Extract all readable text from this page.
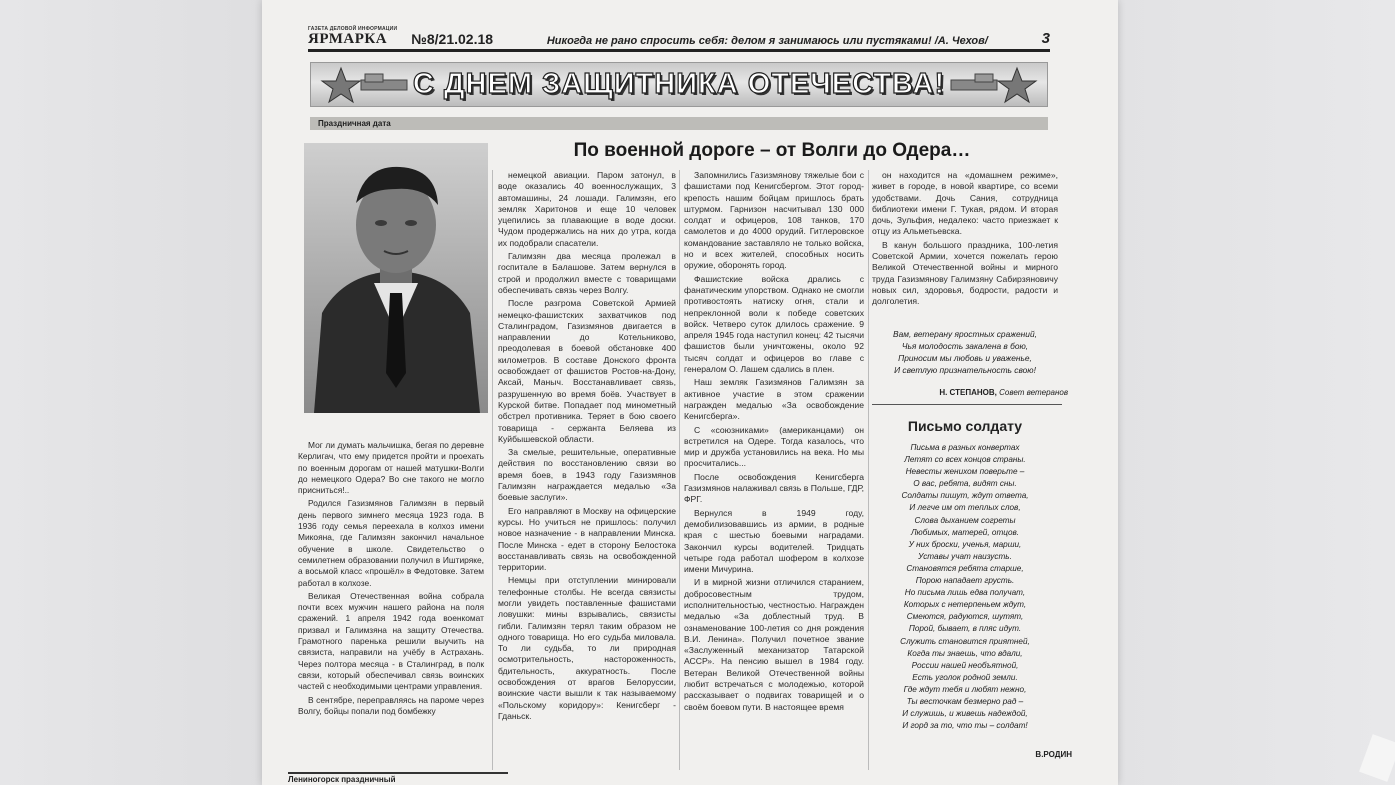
ГАЗЕТА ДЕЛОВОЙ ИНФОРМАЦИИ
ЯРМАРКА	№8/21.02.18	Никогда не рано спросить себя: делом я занимаюсь или пустяками! /А. Чехов/	3
С ДНЕМ ЗАЩИТНИКА ОТЕЧЕСТВА!
Праздничная дата
По военной дороге – от Волги до Одера…

Мог ли думать мальчишка, бегая по деревне Керлигач, что ему придется пройти и проехать по военным дорогам от нашей матушки-Волги до немецкого Одера? Во сне такого не могло присниться!..

Родился Газизмянов Галимзян в первый день первого зимнего месяца 1923 года. В 1936 году семья переехала в колхоз имени Микояна, где Галимзян закончил начальное обучение в школе. Свидетельство о семилетнем образовании получил в Иштиряке, а восьмой класс «прошёл» в Федотовке. Затем работал в колхозе.

Великая Отечественная война собрала почти всех мужчин нашего района на поля сражений. 1 апреля 1942 года военкомат призвал и Галимзяна на защиту Отечества. Грамотного паренька решили выучить на связиста, направили на учёбу в Астрахань. Через полтора месяца - в Сталинград, в полк связи, который обеспечивал связь воинских частей с необходимыми центрами управления.

В сентябре, переправляясь на пароме через Волгу, бойцы попали под бомбежку

немецкой авиации. Паром затонул, в воде оказались 40 военнослужащих, 3 автомашины, 24 лошади. Галимзян, его земляк Харитонов и еще 10 человек уцепились за плавающие в воде доски. Чудом продержались на них до утра, когда их подобрали спасатели.

Галимзян два месяца пролежал в госпитале в Балашове. Затем вернулся в строй и продолжил вместе с товарищами обеспечивать связь через Волгу.

После разгрома Советской Армией немецко-фашистских захватчиков под Сталинградом, Газизмянов двигается в направлении до Котельниково, преодолевая в боевой обстановке 400 километров. В составе Донского фронта освобождает от фашистов Ростов-на-Дону, Аксай, Маныч. Восстанавливает связь, разрушенную во время боёв. Участвует в Курской битве. Попадает под минометный обстрел противника. Теряет в бою своего товарища - сержанта Беляева из Куйбышевской области.

За смелые, решительные, оперативные действия по восстановлению связи во время боев, в 1943 году Газизмянов Галимзян награждается медалью «За боевые заслуги».

Его направляют в Москву на офицерские курсы. Но учиться не пришлось: получил новое назначение - в направлении Минска. После Минска - едет в сторону Белостока восстанавливать связь на освобожденной территории.

Немцы при отступлении минировали телефонные столбы. Не всегда связисты могли увидеть поставленные фашистами ловушки: мины взрывались, связисты гибли. Галимзян терял таким образом не одного товарища. Но его судьба миловала. То ли судьба, то ли природная осмотрительность, настороженность, бдительность, аккуратность. После освобождения от врагов Белоруссии, воинские части вышли к так называемому «Польскому коридору»: Кенигсберг - Гданьск.

Запомнились Газизмянову тяжелые бои с фашистами под Кенигсбергом. Этот город-крепость нашим бойцам пришлось брать штурмом. Гарнизон насчитывал 130 000 солдат и офицеров, 108 танков, 170 самолетов и до 4000 орудий. Гитлеровское командование заставляло не только войска, но и всех жителей, способных носить оружие, оборонять город.

Фашистские войска дрались с фанатическим упорством. Однако не смогли противостоять натиску огня, стали и непреклонной воли к победе советских войск. Четверо суток длилось сражение. 9 апреля 1945 года наступил конец: 42 тысячи фашистов были уничтожены, около 92 тысяч солдат и офицеров во главе с генералом О. Лашем сдались в плен.

Наш земляк Газизмянов Галимзян за активное участие в этом сражении награжден медалью «За освобождение Кенигсберга».

С «союзниками» (американцами) он встретился на Одере. Тогда казалось, что мир и дружба установились на века. Но мы просчитались...

После освобождения Кенигсберга Газизмянов налаживал связь в Польше, ГДР, ФРГ.

Вернулся в 1949 году, демобилизовавшись из армии, в родные края с шестью боевыми наградами. Закончил курсы водителей. Тридцать четыре года работал шофером в колхозе имени Мичурина.

И в мирной жизни отличился старанием, добросовестным трудом, исполнительностью, честностью. Награжден медалью «За доблестный труд. В ознаменование 100-летия со дня рождения В.И. Ленина». Получил почетное звание «Заслуженный механизатор Татарской АССР». На пенсию вышел в 1984 году. Ветеран Великой Отечественной войны любит встречаться с молодежью, которой рассказывает о подвигах товарищей и о своём боевом пути. В настоящее время

он находится на «домашнем режиме», живет в городе, в новой квартире, со всеми удобствами. Дочь Сания, сотрудница библиотеки имени Г. Тукая, рядом. И вторая дочь, Зульфия, недалеко: часто приезжает к отцу из Альметьевска.

В канун большого праздника, 100-летия Советской Армии, хочется пожелать герою Великой Отечественной войны и мирного труда Газизмянову Галимзяну Сабирзяновичу новых сил, здоровья, бодрости, радости и долголетия.

Вам, ветерану яростных сражений,
Чья молодость закалена в бою,
Приносим мы любовь и уваженье,
И светлую признательность свою!
Н. СТЕПАНОВ, Совет ветеранов
Письмо солдату
Письма в разных конвертах
Летят со всех концов страны.
Невесты женихом поверьте –
О вас, ребята, видят сны.
Солдаты пишут, ждут ответа,
И легче им от теплых слов,
Слова дыханием согреты
Любимых, матерей, отцов.
У них броски, ученья, марши,
Уставы учат наизусть.
Становятся ребята старше,
Порою нападает грусть.
Но письма лишь едва получат,
Которых с нетерпеньем ждут,
Смеются, радуются, шутят,
Порой, бывает, в пляс идут.
Служить становится приятней,
Когда ты знаешь, что вдали,
России нашей необъятной,
Есть уголок родной земли.
Где ждут тебя и любят нежно,
Ты весточкам безмерно рад –
И служишь, и живешь надеждой,
И горд за то, что ты – солдат!
В.РОДИН
Лениногорск праздничный
